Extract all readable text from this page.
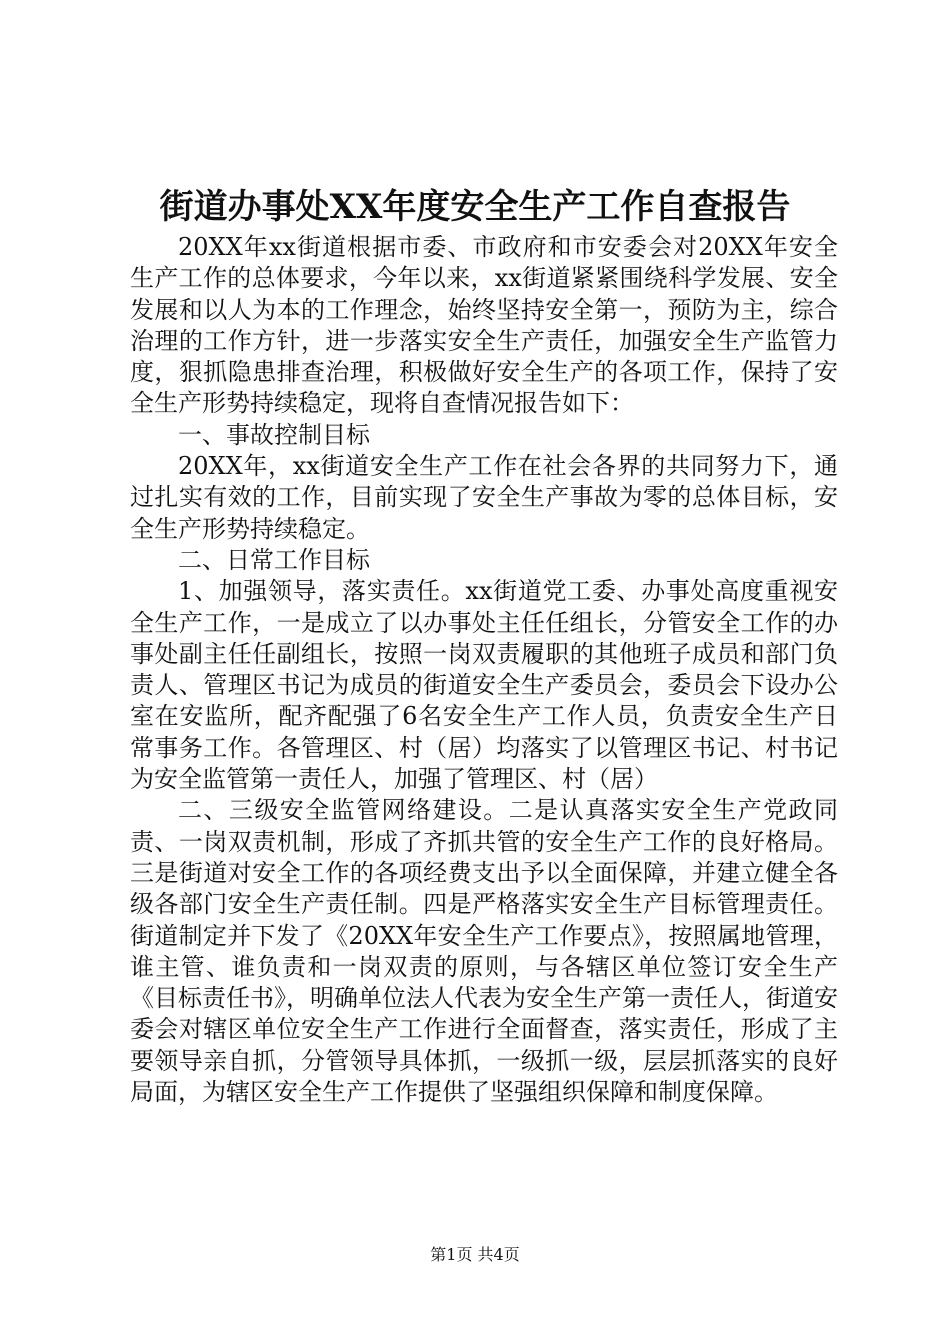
街道办事处XX年度安全生产工作自查报告

20XX年xx街道根据市委、市政府和市安委会对20XX年安全生产工作的总体要求，今年以来，xx街道紧紧围绕科学发展、安全发展和以人为本的工作理念，始终坚持安全第一，预防为主，综合治理的工作方针，进一步落实安全生产责任，加强安全生产监管力度，狠抓隐患排查治理，积极做好安全生产的各项工作，保持了安全生产形势持续稳定，现将自查情况报告如下：

一、事故控制目标

20XX年，xx街道安全生产工作在社会各界的共同努力下，通过扎实有效的工作，目前实现了安全生产事故为零的总体目标，安全生产形势持续稳定。

二、日常工作目标

1、加强领导，落实责任。xx街道党工委、办事处高度重视安全生产工作，一是成立了以办事处主任任组长，分管安全工作的办事处副主任任副组长，按照一岗双责履职的其他班子成员和部门负责人、管理区书记为成员的街道安全生产委员会，委员会下设办公室在安监所，配齐配强了6名安全生产工作人员，负责安全生产日常事务工作。各管理区、村（居）均落实了以管理区书记、村书记为安全监管第一责任人，加强了管理区、村（居）

二、三级安全监管网络建设。二是认真落实安全生产党政同责、一岗双责机制，形成了齐抓共管的安全生产工作的良好格局。三是街道对安全工作的各项经费支出予以全面保障，并建立健全各级各部门安全生产责任制。四是严格落实安全生产目标管理责任。街道制定并下发了《20XX年安全生产工作要点》，按照属地管理，谁主管、谁负责和一岗双责的原则，与各辖区单位签订安全生产《目标责任书》，明确单位法人代表为安全生产第一责任人，街道安委会对辖区单位安全生产工作进行全面督查，落实责任，形成了主要领导亲自抓，分管领导具体抓，一级抓一级，层层抓落实的良好局面，为辖区安全生产工作提供了坚强组织保障和制度保障。

第1页 共4页
